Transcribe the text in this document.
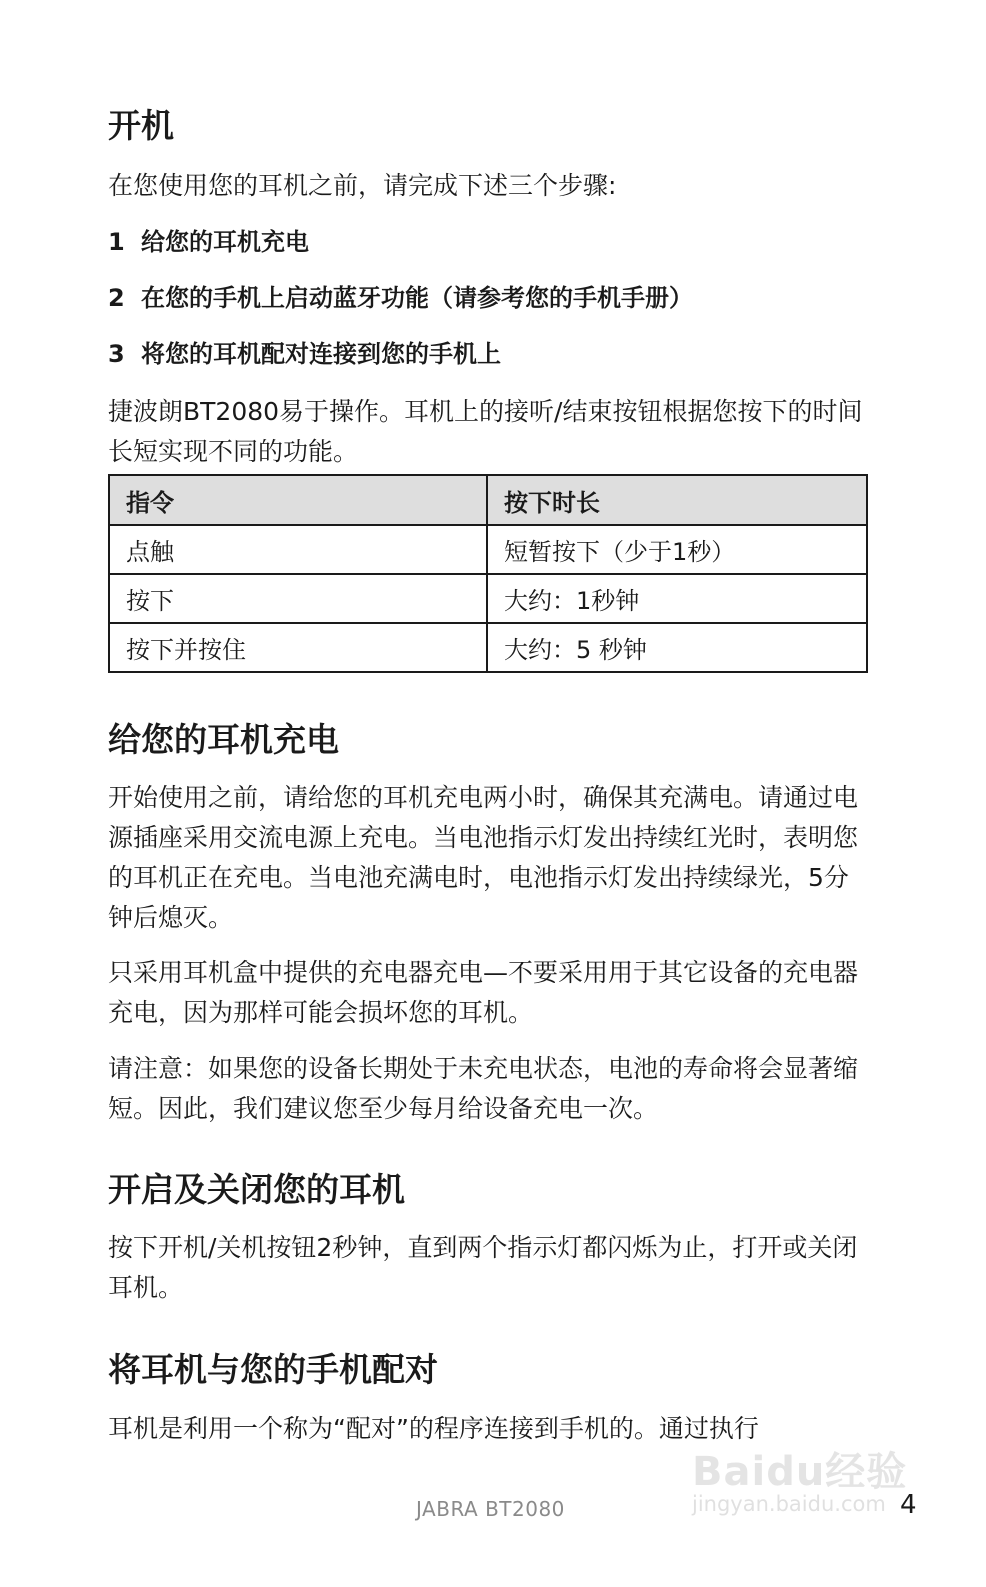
开机

在您使用您的耳机之前，请完成下述三个步骤:

1 给您的耳机充电
2 在您的手机上启动蓝牙功能（请参考您的手机手册）
3 将您的耳机配对连接到您的手机上

捷波朗BT2080易于操作。耳机上的接听/结束按钮根据您按下的时间长短实现不同的功能。

指令	按下时长
点触	短暂按下（少于1秒）
按下	大约：1秒钟
按下并按住	大约：5 秒钟
给您的耳机充电

开始使用之前，请给您的耳机充电两小时，确保其充满电。请通过电源插座采用交流电源上充电。当电池指示灯发出持续红光时，表明您的耳机正在充电。当电池充满电时，电池指示灯发出持续绿光，5分钟后熄灭。

只采用耳机盒中提供的充电器充电—不要采用用于其它设备的充电器充电，因为那样可能会损坏您的耳机。

请注意：如果您的设备长期处于未充电状态，电池的寿命将会显著缩短。因此，我们建议您至少每月给设备充电一次。

开启及关闭您的耳机

按下开机/关机按钮2秒钟，直到两个指示灯都闪烁为止，打开或关闭耳机。

将耳机与您的手机配对

耳机是利用一个称为“配对”的程序连接到手机的。通过执行

JABRA BT2080	4
Baidu经验
jingyan.baidu.com
